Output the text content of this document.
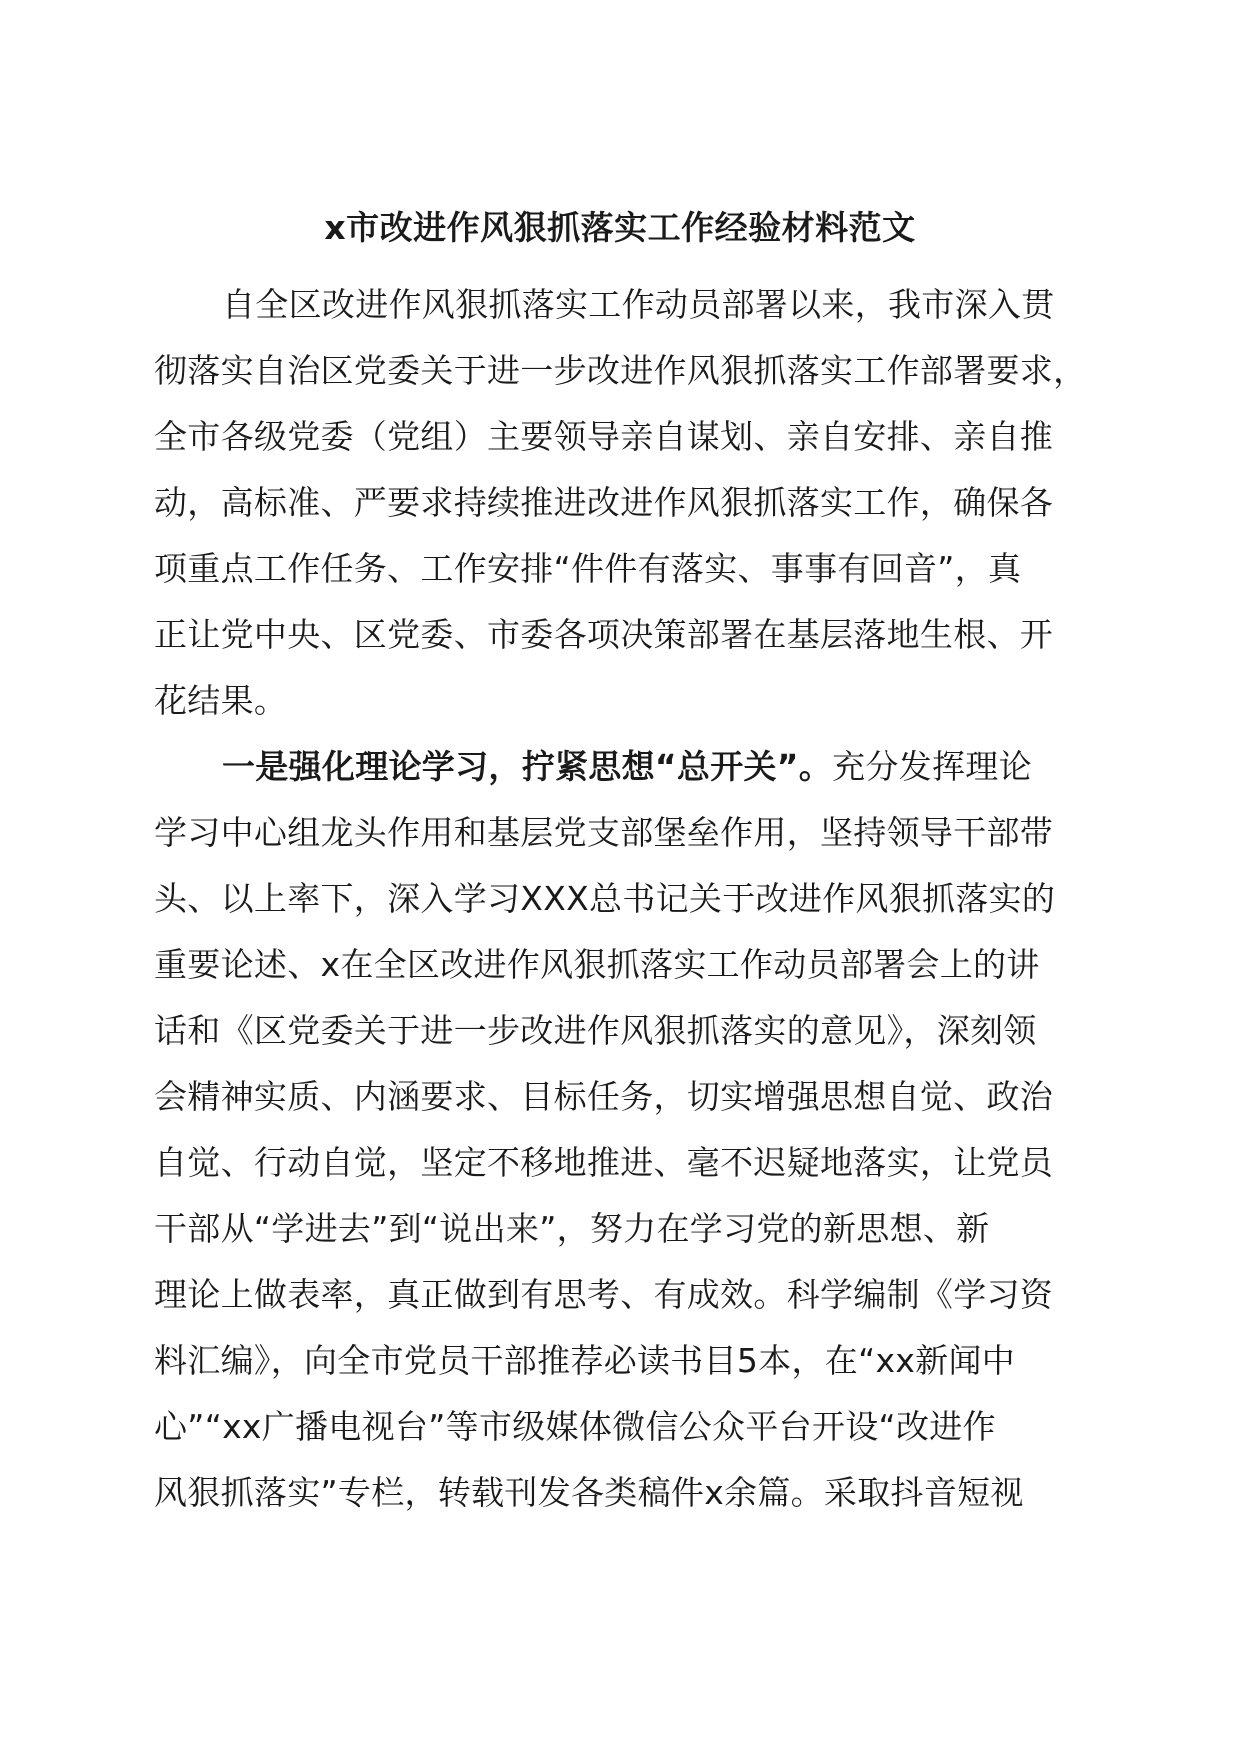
x市改进作风狠抓落实工作经验材料范文
自全区改进作风狠抓落实工作动员部署以来，我市深入贯
彻落实自治区党委关于进一步改进作风狠抓落实工作部署要求，
全市各级党委（党组）主要领导亲自谋划、亲自安排、亲自推
动，高标准、严要求持续推进改进作风狠抓落实工作，确保各
项重点工作任务、工作安排“件件有落实、事事有回音”，真
正让党中央、区党委、市委各项决策部署在基层落地生根、开
花结果。
一是强化理论学习，拧紧思想“总开关”。充分发挥理论
学习中心组龙头作用和基层党支部堡垒作用，坚持领导干部带
头、以上率下，深入学习XXX总书记关于改进作风狠抓落实的
重要论述、x在全区改进作风狠抓落实工作动员部署会上的讲
话和《区党委关于进一步改进作风狠抓落实的意见》，深刻领
会精神实质、内涵要求、目标任务，切实增强思想自觉、政治
自觉、行动自觉，坚定不移地推进、毫不迟疑地落实，让党员
干部从“学进去”到“说出来”，努力在学习党的新思想、新
理论上做表率，真正做到有思考、有成效。科学编制《学习资
料汇编》，向全市党员干部推荐必读书目5本，在“xx新闻中
心”“xx广播电视台”等市级媒体微信公众平台开设“改进作
风狠抓落实”专栏，转载刊发各类稿件x余篇。采取抖音短视
